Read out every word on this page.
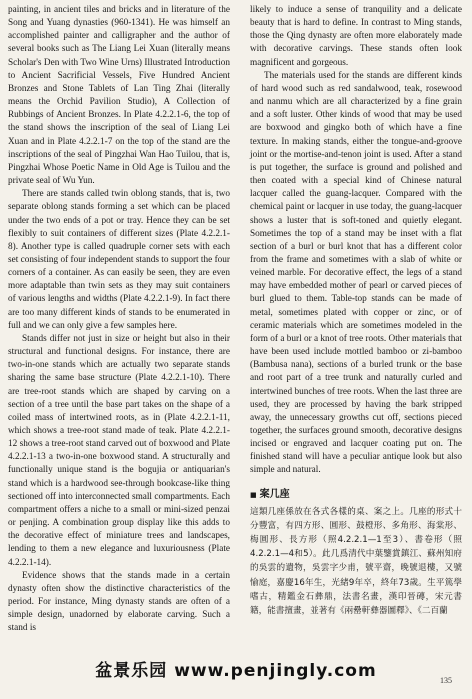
painting, in ancient tiles and bricks and in literature of the Song and Yuang dynasties (960-1341). He was himself an accomplished painter and calligrapher and the author of several books such as The Liang Lei Xuan (literally means Scholar's Den with Two Wine Urns) Illustrated Introduction to Ancient Sacrificial Vessels, Five Hundred Ancient Bronzes and Stone Tablets of Lan Ting Zhai (literally means the Orchid Pavilion Studio), A Collection of Rubbings of Ancient Bronzes. In Plate 4.2.2.1-6, the top of the stand shows the inscription of the seal of Liang Lei Xuan and in Plate 4.2.2.1-7 on the top of the stand are the inscriptions of the seal of Pingzhai Wan Hao Tuilou, that is, Pingzhai Whose Poetic Name in Old Age is Tuilou and the private seal of Wu Yun.

There are stands called twin oblong stands, that is, two separate oblong stands forming a set which can be placed under the two ends of a pot or tray. Hence they can be set flexibly to suit containers of different sizes (Plate 4.2.2.1-8). Another type is called quadruple corner sets with each set consisting of four independent stands to support the four corners of a container. As can easily be seen, they are even more adaptable than twin sets as they may suit containers of various lengths and widths (Plate 4.2.2.1-9). In fact there are too many different kinds of stands to be enumerated in full and we can only give a few samples here.

Stands differ not just in size or height but also in their structural and functional designs. For instance, there are two-in-one stands which are actually two separate stands sharing the same base structure (Plate 4.2.2.1-10). There are tree-root stands which are shaped by carving on a section of a tree until the base part takes on the shape of a coiled mass of intertwined roots, as in (Plate 4.2.2.1-11, which shows a tree-root stand made of teak. Plate 4.2.2.1-12 shows a tree-root stand carved out of boxwood and Plate 4.2.2.1-13 a two-in-one boxwood stand. A structurally and functionally unique stand is the bogujia or antiquarian's stand which is a hardwood see-through bookcase-like thing sectioned off into interconnected small compartments. Each compartment offers a niche to a small or mini-sized penzai or penjing. A combination group display like this adds to the decorative effect of miniature trees and landscapes, lending to them a new elegance and luxuriousness (Plate 4.2.2.1-14).

Evidence shows that the stands made in a certain dynasty often show the distinctive characteristics of the period. For instance, Ming dynasty stands are often of a simple design, unadorned by elaborate carving. Such a stand is

likely to induce a sense of tranquility and a delicate beauty that is hard to define. In contrast to Ming stands, those the Qing dynasty are often more elaborately made with decorative carvings. These stands often look magnificent and gorgeous.

The materials used for the stands are different kinds of hard wood such as red sandalwood, teak, rosewood and nanmu which are all characterized by a fine grain and a soft luster. Other kinds of wood that may be used are boxwood and gingko both of which have a fine texture. In making stands, either the tongue-and-groove joint or the mortise-and-tenon joint is used. After a stand is put together, the surface is ground and polished and then coated with a special kind of Chinese natural lacquer called the guang-lacquer. Compared with the chemical paint or lacquer in use today, the guang-lacquer shows a luster that is soft-toned and quietly elegant. Sometimes the top of a stand may be inset with a flat section of a burl or burl knot that has a different color from the frame and sometimes with a slab of white or veined marble. For decorative effect, the legs of a stand may have embedded mother of pearl or carved pieces of burl glued to them. Table-top stands can be made of metal, sometimes plated with copper or zinc, or of ceramic materials which are sometimes modeled in the form of a burl or a knot of tree roots. Other materials that have been used include mottled bamboo or zi-bamboo (Bambusa nana), sections of a burled trunk or the base and root part of a tree trunk and naturally curled and intertwined bunches of tree roots. When the last three are used, they are processed by having the bark stripped away, the unnecessary growths cut off, sections pieced together, the surfaces ground smooth, decorative designs incised or engraved and lacquer coating put on. The finished stand will have a peculiar antique look but also simple and natural.

■ 案几座

這類几座係放在各式各樣的桌、案之上。几座的形式十分豐富，有四方形、圓形、鼓橙形、多角形、海棠形、梅圓形、長方形（照4.2.2.1—1至3）、書卷形（照4.2.2.1—4和5）。此几爲清代中葉鑒賞鎮江、蘇州知府的吳雲的遺物，吳雲字少甫，號平齋，晚號退樓，又號愉庭，嘉慶16年生，光緒9年卒，終年73歲。生平篤學嗜古，精鑑金石彝鼎，法書名畫，漢印晉磚，宋元書籍，能書擅畫，並著有《兩罍軒彝器圖釋》、《二百蘭

盆景乐园 www.penjingly.com	135
